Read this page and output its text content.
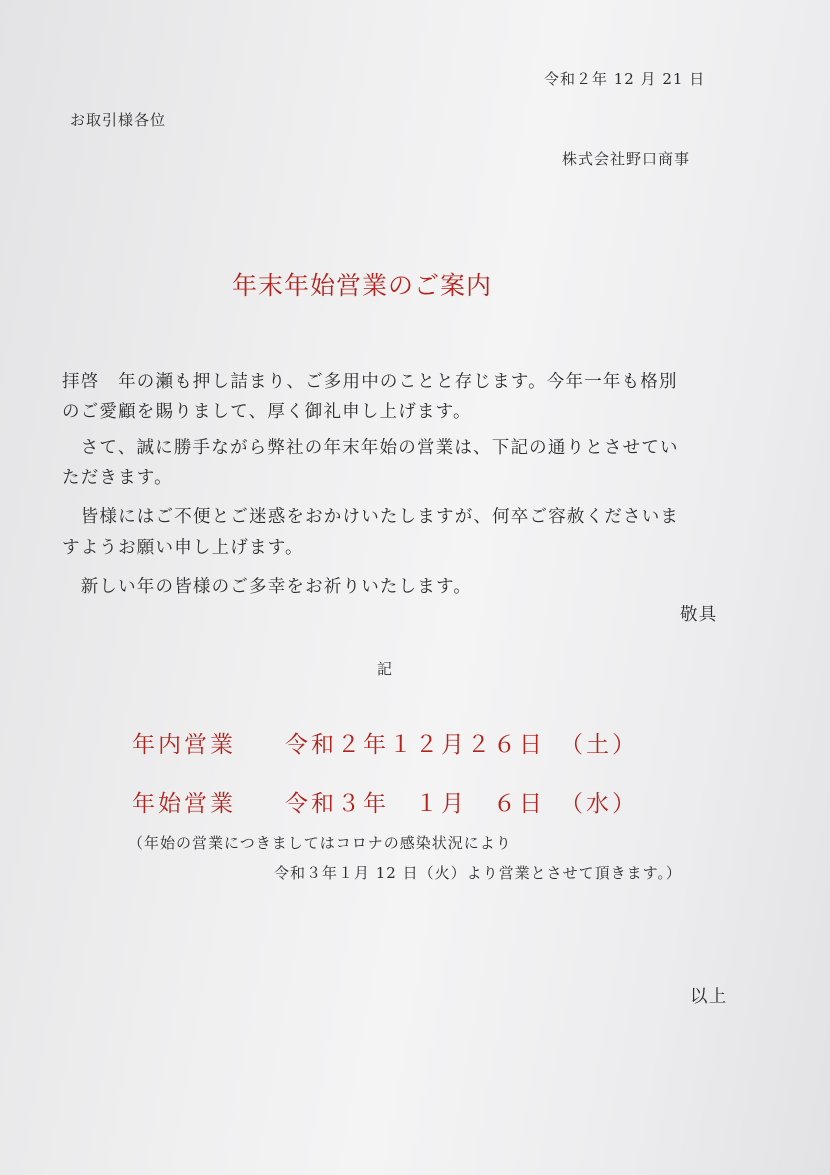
令和２年 12 月 21 日
お取引様各位
株式会社野口商事
年末年始営業のご案内
拝啓　年の瀬も押し詰まり、ご多用中のことと存じます。今年一年も格別
のご愛顧を賜りまして、厚く御礼申し上げます。
　さて、誠に勝手ながら弊社の年末年始の営業は、下記の通りとさせてい
ただきます。
　皆様にはご不便とご迷惑をおかけいたしますが、何卒ご容赦くださいま
すようお願い申し上げます。
　新しい年の皆様のご多幸をお祈りいたします。
敬具
記
年内営業 令和２年１２月２６日 （土）
年始営業 令和３年　１月　６日 （水）
（年始の営業につきましてはコロナの感染状況により
令和３年１月 12 日（火）より営業とさせて頂きます。）
以上
